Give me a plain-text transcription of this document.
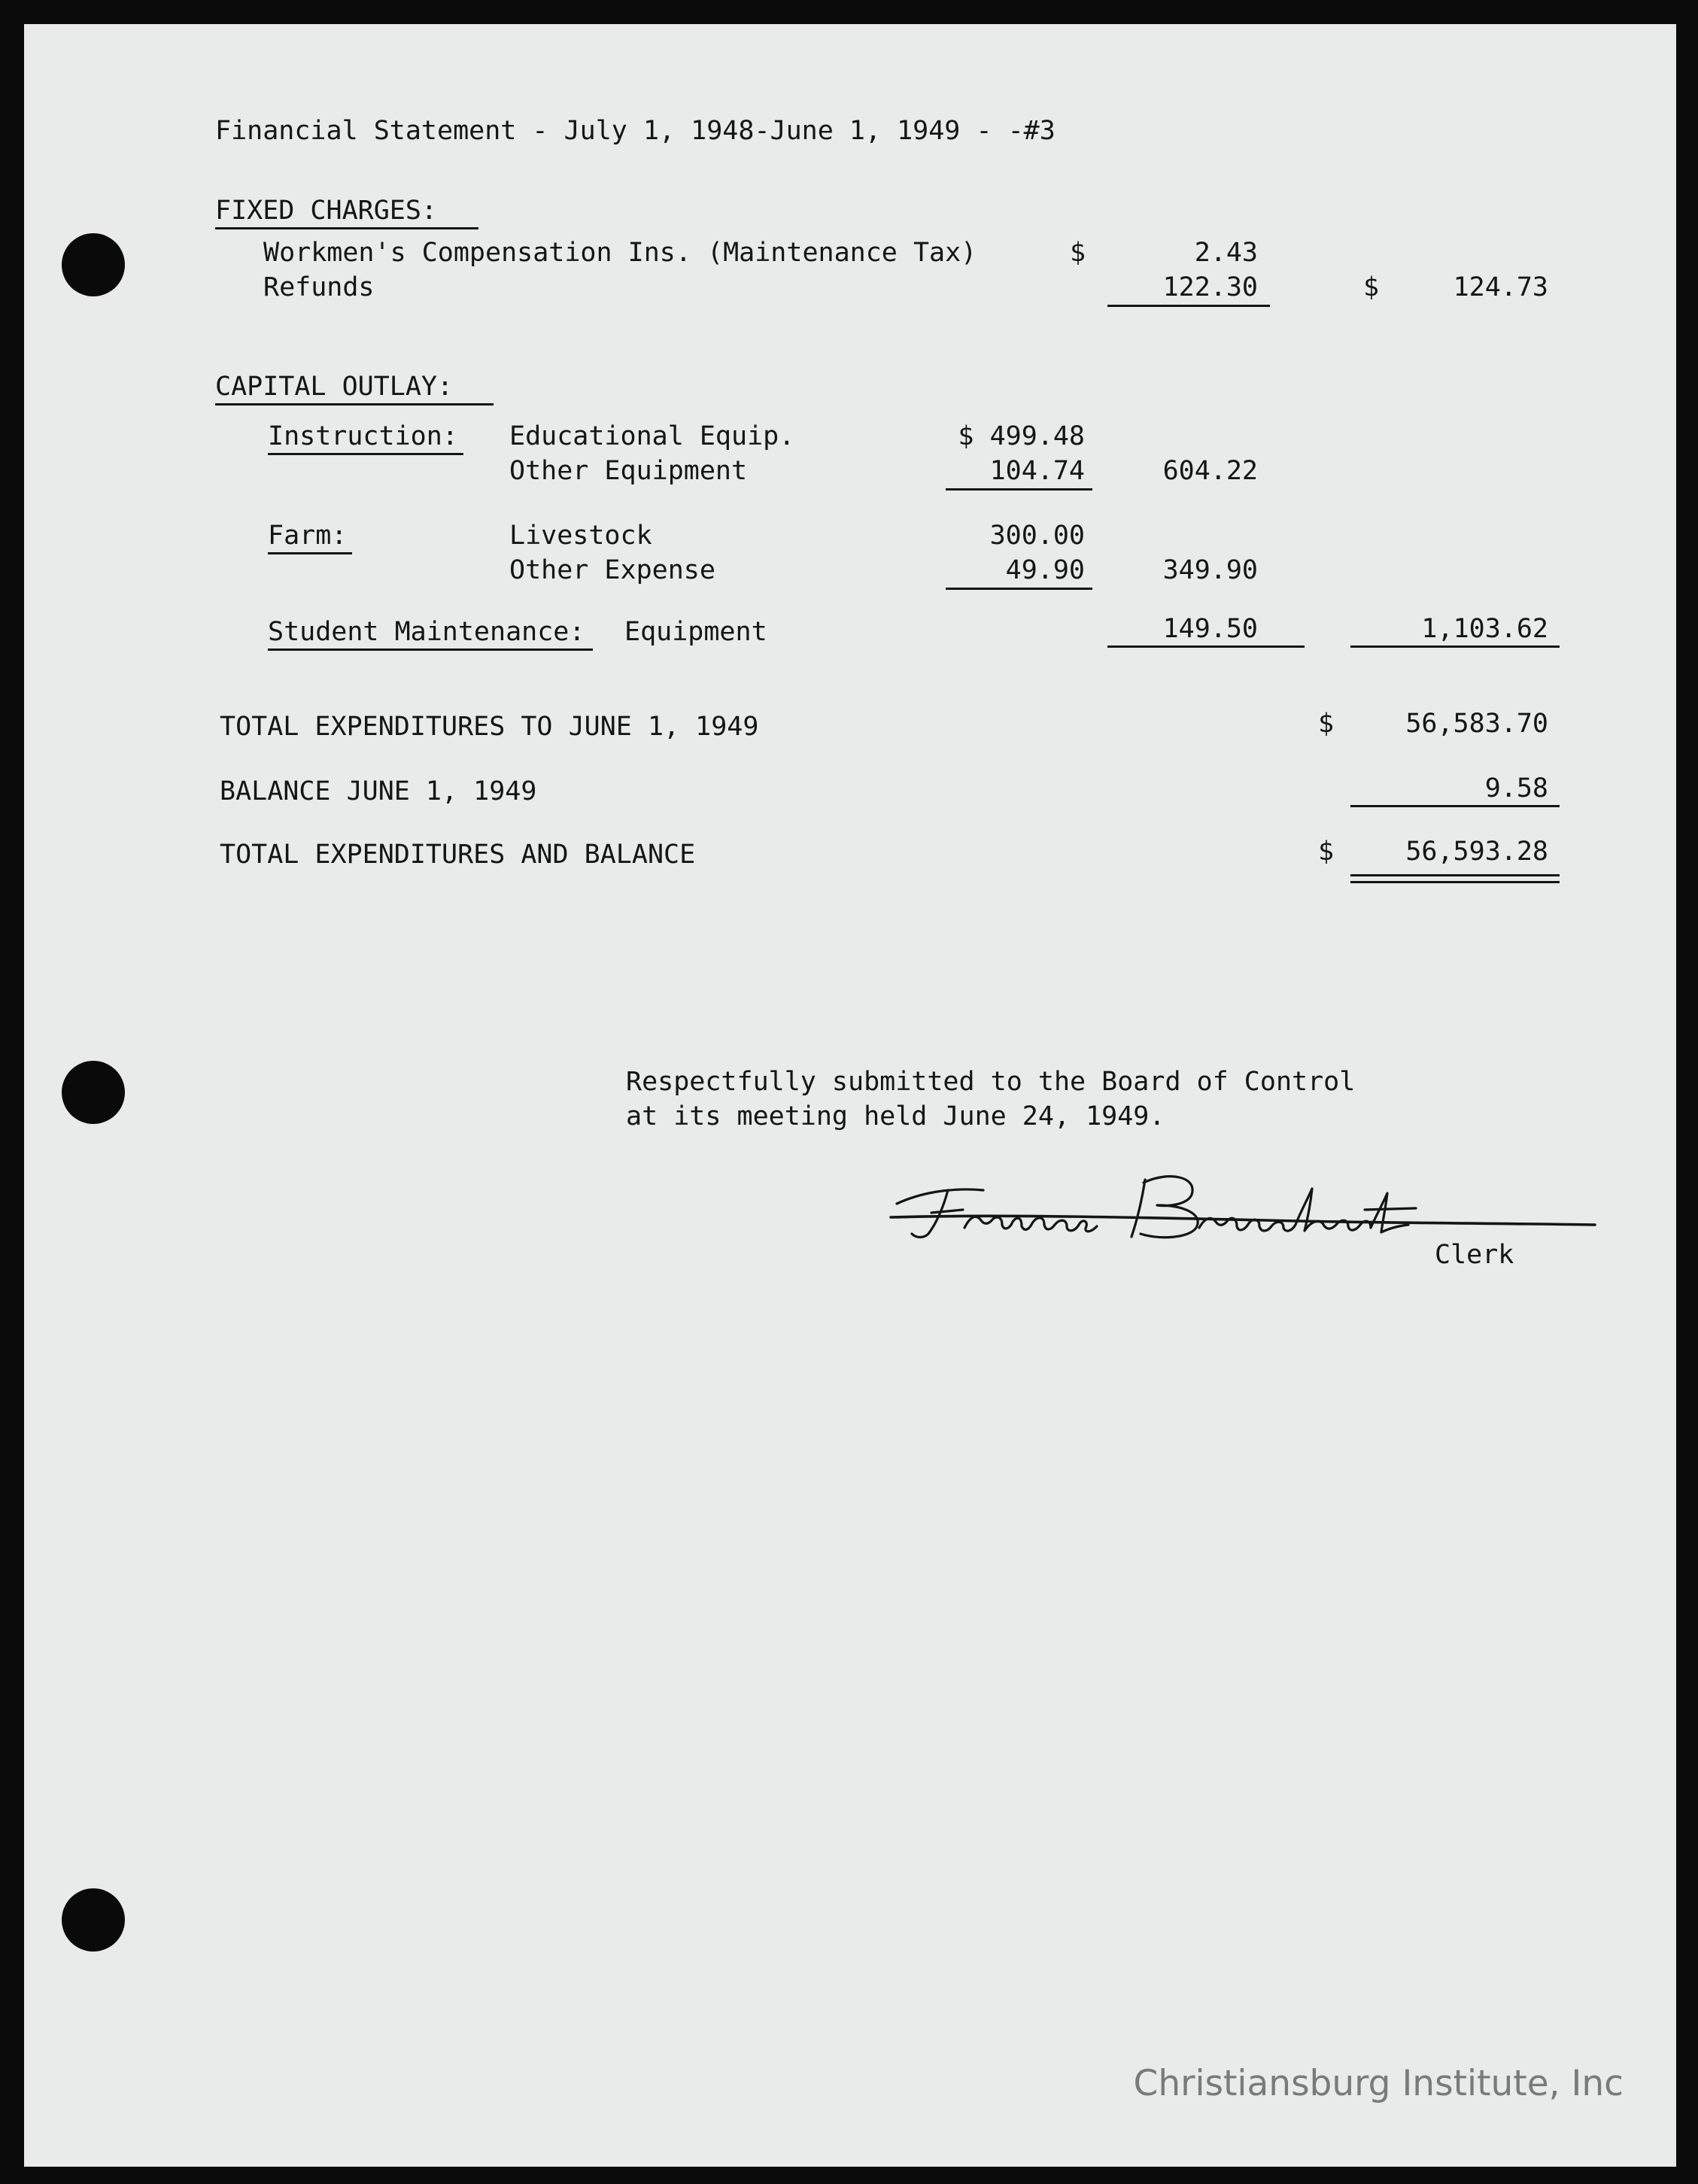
Financial Statement - July 1, 1948-June 1, 1949 - -#3
FIXED CHARGES:
Workmen's Compensation Ins. (Maintenance Tax)	$	2.43
Refunds	122.30	$	124.73
CAPITAL OUTLAY:
Instruction: Educational Equip.	$ 499.48
Other Equipment	104.74	604.22
Farm:	Livestock	300.00
Other Expense	49.90	349.90
Student Maintenance: Equipment	149.50	1,103.62
TOTAL EXPENDITURES TO JUNE 1, 1949	$	56,583.70
BALANCE JUNE 1, 1949	9.58
TOTAL EXPENDITURES AND BALANCE	$	56,593.28
Respectfully submitted to the Board of Control
at its meeting held June 24, 1949.
Clerk
Christiansburg Institute, Inc
